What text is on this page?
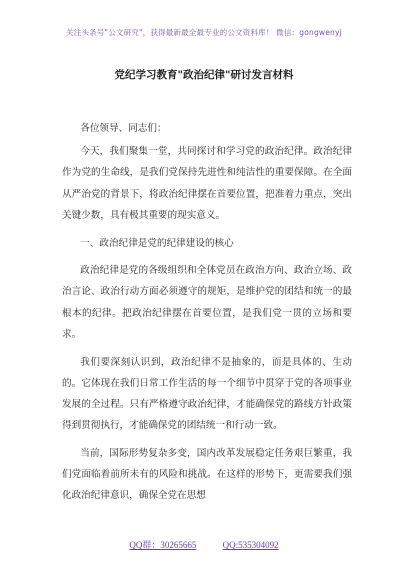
关注头条号"公文研究"，获得最新最全最专业的公文资料库！ 微信：gongwenyj
党纪学习教育"政治纪律"研讨发言材料

各位领导、同志们：

今天，我们聚集一堂，共同探讨和学习党的政治纪律。政治纪律作为党的生命线，是我们党保持先进性和纯洁性的重要保障。在全面从严治党的背景下，将政治纪律摆在首要位置，把准着力重点，突出关键少数，具有极其重要的现实意义。

一、政治纪律是党的纪律建设的核心

政治纪律是党的各级组织和全体党员在政治方向、政治立场、政治言论、政治行动方面必须遵守的规矩，是维护党的团结和统一的最根本的纪律。把政治纪律摆在首要位置，是我们党一贯的立场和要求。

我们要深刻认识到，政治纪律不是抽象的，而是具体的、生动的。它体现在我们日常工作生活的每一个细节中贯穿于党的各项事业发展的全过程。只有严格遵守政治纪律，才能确保党的路线方针政策得到贯彻执行，才能确保党的团结统一和行动一致。

当前，国际形势复杂多变，国内改革发展稳定任务艰巨繁重，我们党面临着前所未有的风险和挑战。在这样的形势下，更需要我们强化政治纪律意识，确保全党在思想

QQ群：30265665	QQ:535304092
